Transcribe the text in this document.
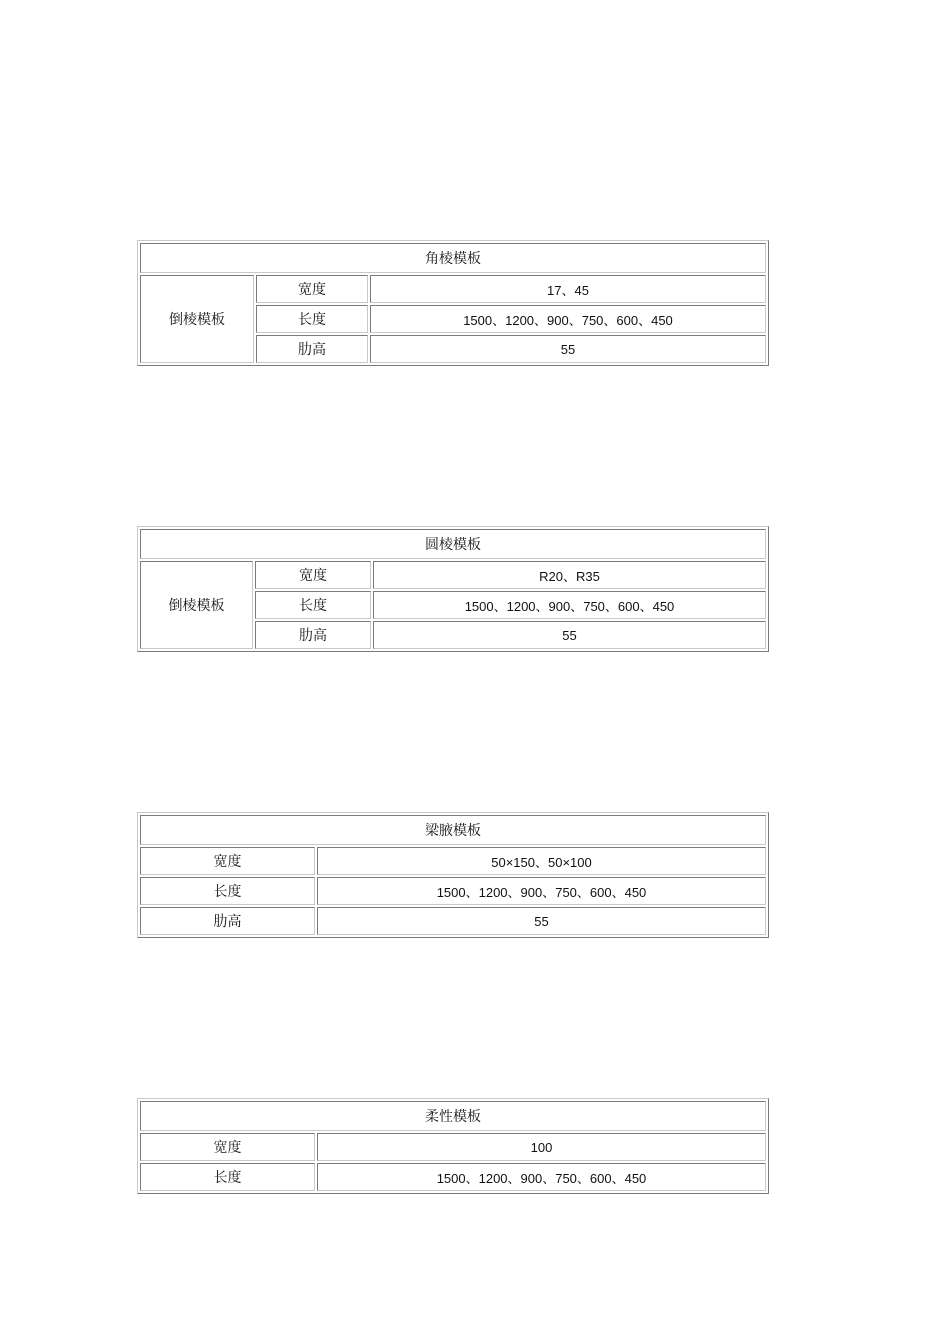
角棱模板		
倒棱模板	宽度	17、45
	长度	1500、1200、900、750、600、450
	肋高	55
圆棱模板		
倒棱模板	宽度	R20、R35
	长度	1500、1200、900、750、600、450
	肋高	55
梁腋模板	
宽度	50×150、50×100
长度	1500、1200、900、750、600、450
肋高	55
柔性模板	
宽度	100
长度	1500、1200、900、750、600、450
